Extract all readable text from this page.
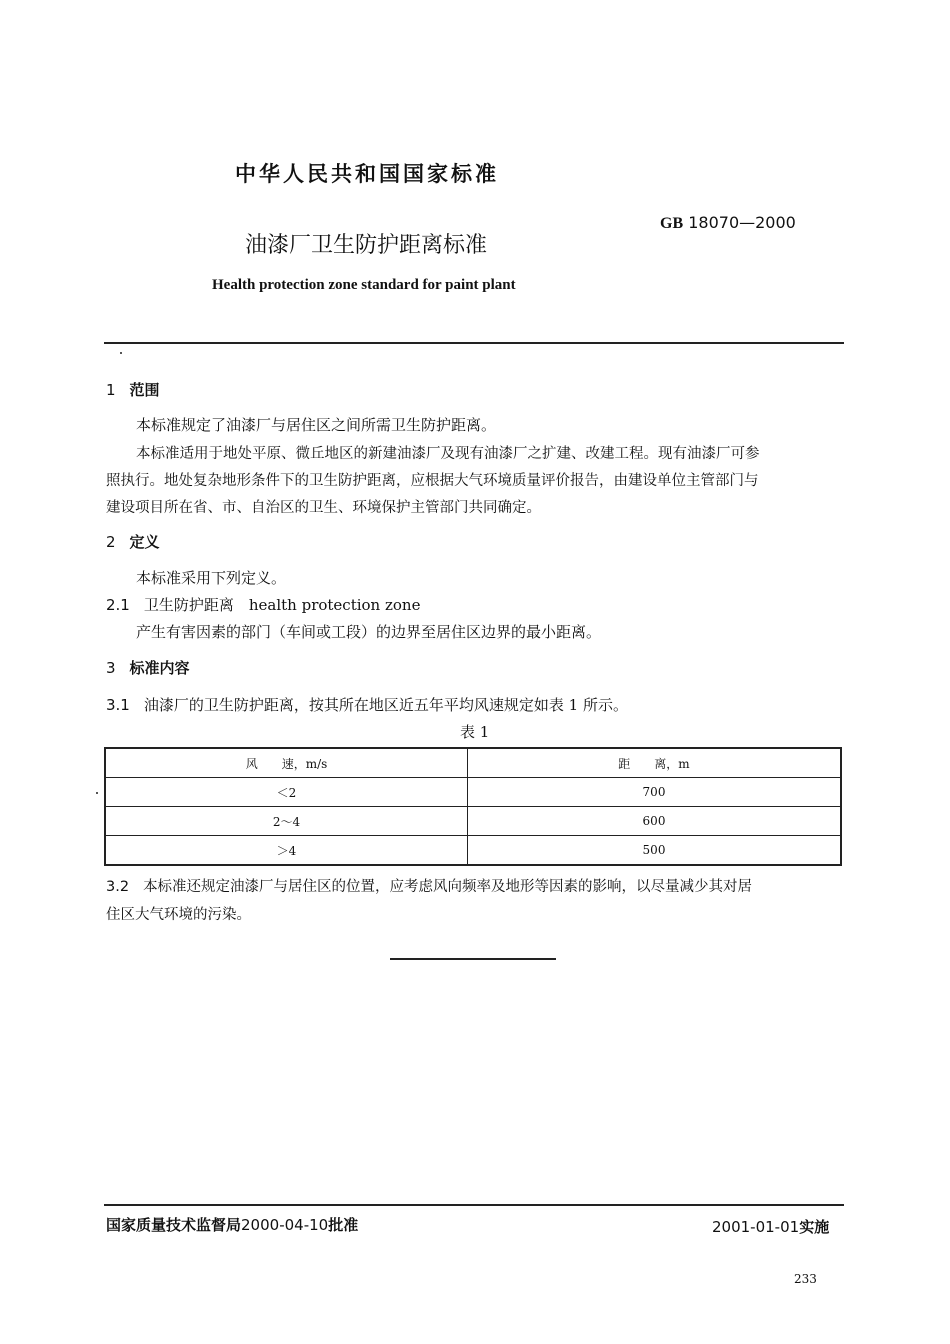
中华人民共和国国家标准
GB 18070—2000
油漆厂卫生防护距离标准
Health protection zone standard for paint plant
1 范围
本标准规定了油漆厂与居住区之间所需卫生防护距离。
本标准适用于地处平原、微丘地区的新建油漆厂及现有油漆厂之扩建、改建工程。现有油漆厂可参
照执行。地处复杂地形条件下的卫生防护距离，应根据大气环境质量评价报告，由建设单位主管部门与
建设项目所在省、市、自治区的卫生、环境保护主管部门共同确定。
2 定义
本标准采用下列定义。
2.1 卫生防护距离　health protection zone
产生有害因素的部门（车间或工段）的边界至居住区边界的最小距离。
3 标准内容
3.1 油漆厂的卫生防护距离，按其所在地区近五年平均风速规定如表 1 所示。
表 1
风　　速，m/s	距　　离，m
＜2	700
2～4	600
＞4	500
3.2 本标准还规定油漆厂与居住区的位置，应考虑风向频率及地形等因素的影响，以尽量减少其对居
住区大气环境的污染。
国家质量技术监督局2000-04-10批准	2001-01-01实施
233
